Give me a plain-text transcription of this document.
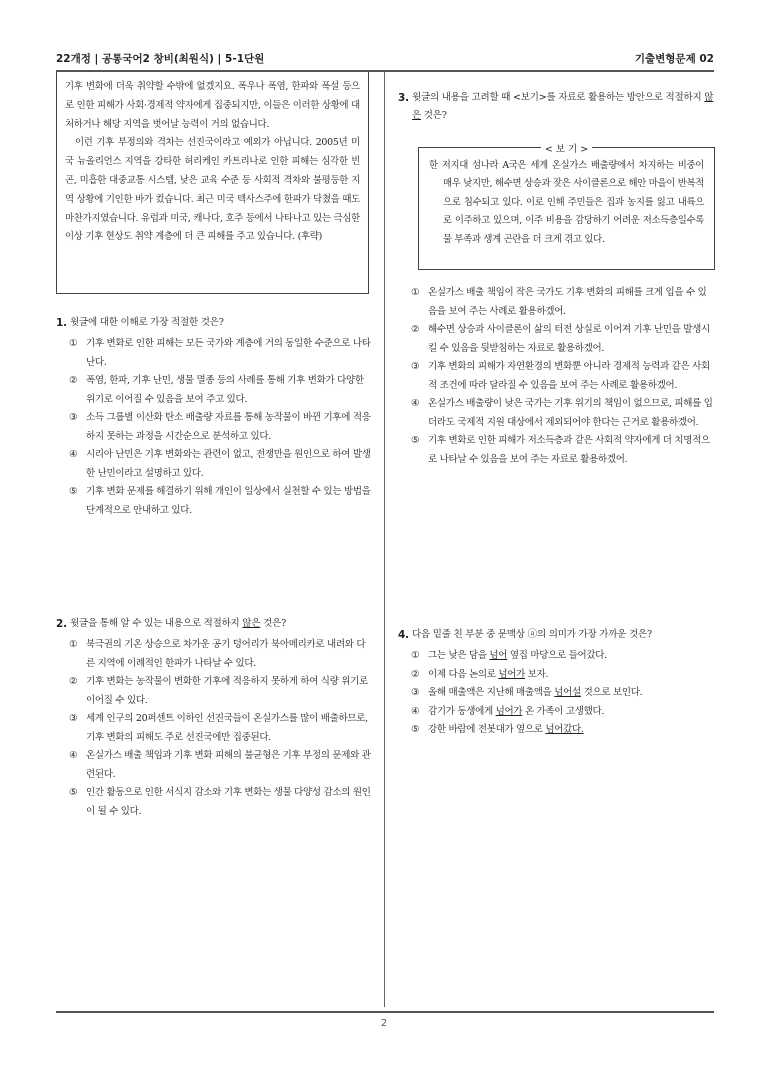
22개정 | 공통국어2 창비(최원식) | 5-1단원	기출변형문제 02

기후 변화에 더욱 취약할 수밖에 없겠지요. 폭우나 폭염, 한파와 폭설 등으로 인한 피해가 사회·경제적 약자에게 집중되지만, 이들은 이러한 상황에 대처하거나 해당 지역을 벗어날 능력이 거의 없습니다.

이런 기후 부정의와 격차는 선진국이라고 예외가 아닙니다. 2005년 미국 뉴올리언스 지역을 강타한 허리케인 카트리나로 인한 피해는 심각한 빈곤, 미흡한 대중교통 시스템, 낮은 교육 수준 등 사회적 격차와 불평등한 지역 상황에 기인한 바가 컸습니다. 최근 미국 텍사스주에 한파가 닥쳤을 때도 마찬가지였습니다. 유럽과 미국, 캐나다, 호주 등에서 나타나고 있는 극심한 이상 기후 현상도 취약 계층에 더 큰 피해를 주고 있습니다. (후략)

1. 윗글에 대한 이해로 가장 적절한 것은?
① 기후 변화로 인한 피해는 모든 국가와 계층에 거의 동일한 수준으로 나타난다.
② 폭염, 한파, 기후 난민, 생물 멸종 등의 사례를 통해 기후 변화가 다양한 위기로 이어질 수 있음을 보여 주고 있다.
③ 소득 그룹별 이산화 탄소 배출량 자료를 통해 농작물이 바뀐 기후에 적응하지 못하는 과정을 시간순으로 분석하고 있다.
④ 시리아 난민은 기후 변화와는 관련이 없고, 전쟁만을 원인으로 하여 발생한 난민이라고 설명하고 있다.
⑤ 기후 변화 문제를 해결하기 위해 개인이 일상에서 실천할 수 있는 방법을 단계적으로 안내하고 있다.
2. 윗글을 통해 알 수 있는 내용으로 적절하지 않은 것은?
① 북극권의 기온 상승으로 차가운 공기 덩어리가 북아메리카로 내려와 다른 지역에 이례적인 한파가 나타날 수 있다.
② 기후 변화는 농작물이 변화한 기후에 적응하지 못하게 하여 식량 위기로 이어질 수 있다.
③ 세계 인구의 20퍼센트 이하인 선진국들이 온실가스를 많이 배출하므로, 기후 변화의 피해도 주로 선진국에만 집중된다.
④ 온실가스 배출 책임과 기후 변화 피해의 불균형은 기후 부정의 문제와 관련된다.
⑤ 인간 활동으로 인한 서식지 감소와 기후 변화는 생물 다양성 감소의 원인이 될 수 있다.
3. 윗글의 내용을 고려할 때 <보기>를 자료로 활용하는 방안으로 적절하지 않은 것은?
< 보 기 >

한 저지대 섬나라 A국은 세계 온실가스 배출량에서 차지하는 비중이 매우 낮지만, 해수면 상승과 잦은 사이클론으로 해안 마을이 반복적으로 침수되고 있다. 이로 인해 주민들은 집과 농지를 잃고 내륙으로 이주하고 있으며, 이주 비용을 감당하기 어려운 저소득층일수록 물 부족과 생계 곤란을 더 크게 겪고 있다.

① 온실가스 배출 책임이 작은 국가도 기후 변화의 피해를 크게 입을 수 있음을 보여 주는 사례로 활용하겠어.
② 해수면 상승과 사이클론이 삶의 터전 상실로 이어져 기후 난민을 발생시킬 수 있음을 뒷받침하는 자료로 활용하겠어.
③ 기후 변화의 피해가 자연환경의 변화뿐 아니라 경제적 능력과 같은 사회적 조건에 따라 달라질 수 있음을 보여 주는 사례로 활용하겠어.
④ 온실가스 배출량이 낮은 국가는 기후 위기의 책임이 없으므로, 피해를 입더라도 국제적 지원 대상에서 제외되어야 한다는 근거로 활용하겠어.
⑤ 기후 변화로 인한 피해가 저소득층과 같은 사회적 약자에게 더 치명적으로 나타날 수 있음을 보여 주는 자료로 활용하겠어.
4. 다음 밑줄 친 부분 중 문맥상 ⓐ의 의미가 가장 가까운 것은?
① 그는 낮은 담을 넘어 옆집 마당으로 들어갔다.
② 이제 다음 논의로 넘어가 보자.
③ 올해 매출액은 지난해 매출액을 넘어설 것으로 보인다.
④ 감기가 동생에게 넘어가 온 가족이 고생했다.
⑤ 강한 바람에 전봇대가 옆으로 넘어갔다.
2
